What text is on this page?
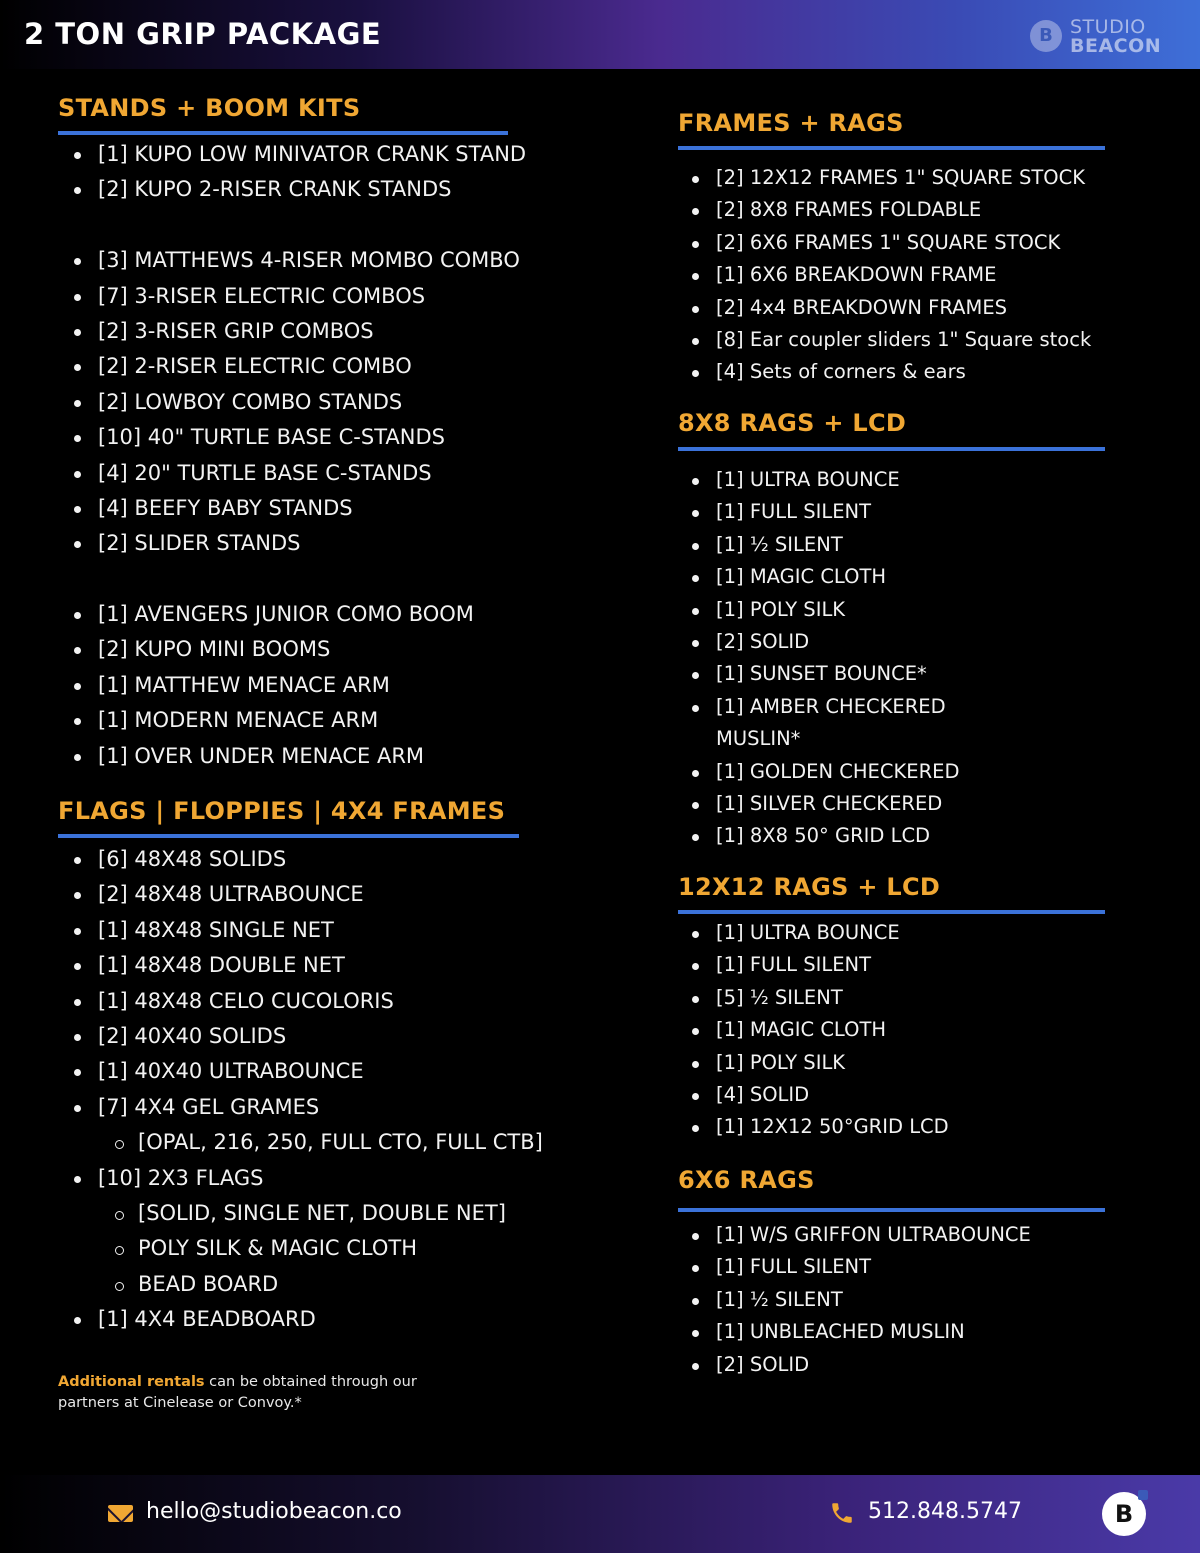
2 TON GRIP PACKAGE	B STUDIO
BEACON
STANDS + BOOM KITS
[1] KUPO LOW MINIVATOR CRANK STAND
[2] KUPO 2-RISER CRANK STANDS
[3] MATTHEWS 4-RISER MOMBO COMBO
[7] 3-RISER ELECTRIC COMBOS
[2] 3-RISER GRIP COMBOS
[2] 2-RISER ELECTRIC COMBO
[2] LOWBOY COMBO STANDS
[10] 40" TURTLE BASE C-STANDS
[4] 20" TURTLE BASE C-STANDS
[4] BEEFY BABY STANDS
[2] SLIDER STANDS
[1] AVENGERS JUNIOR COMO BOOM
[2] KUPO MINI BOOMS
[1] MATTHEW MENACE ARM
[1] MODERN MENACE ARM
[1] OVER UNDER MENACE ARM
FLAGS | FLOPPIES | 4X4 FRAMES
[6] 48X48 SOLIDS
[2] 48X48 ULTRABOUNCE
[1] 48X48 SINGLE NET
[1] 48X48 DOUBLE NET
[1] 48X48 CELO CUCOLORIS
[2] 40X40 SOLIDS
[1] 40X40 ULTRABOUNCE
[7] 4X4 GEL GRAMES
[OPAL, 216, 250, FULL CTO, FULL CTB]
[10] 2X3 FLAGS
[SOLID, SINGLE NET, DOUBLE NET]
POLY SILK & MAGIC CLOTH
BEAD BOARD
[1] 4X4 BEADBOARD
Additional rentals can be obtained through our partners at Cinelease or Convoy.*
FRAMES + RAGS
[2] 12X12 FRAMES 1" SQUARE STOCK
[2] 8X8 FRAMES FOLDABLE
[2] 6X6 FRAMES 1" SQUARE STOCK
[1] 6X6 BREAKDOWN FRAME
[2] 4x4 BREAKDOWN FRAMES
[8] Ear coupler sliders 1" Square stock
[4] Sets of corners & ears
8X8 RAGS + LCD
[1] ULTRA BOUNCE
[1] FULL SILENT
[1] ½ SILENT
[1] MAGIC CLOTH
[1] POLY SILK
[2] SOLID
[1] SUNSET BOUNCE*
[1] AMBER CHECKERED
MUSLIN*
[1] GOLDEN CHECKERED
[1] SILVER CHECKERED
[1] 8X8 50° GRID LCD
12X12 RAGS + LCD
[1] ULTRA BOUNCE
[1] FULL SILENT
[5] ½ SILENT
[1] MAGIC CLOTH
[1] POLY SILK
[4] SOLID
[1] 12X12 50°GRID LCD
6X6 RAGS
[1] W/S GRIFFON ULTRABOUNCE
[1] FULL SILENT
[1] ½ SILENT
[1] UNBLEACHED MUSLIN
[2] SOLID
hello@studiobeacon.co	512.848.5747	B
